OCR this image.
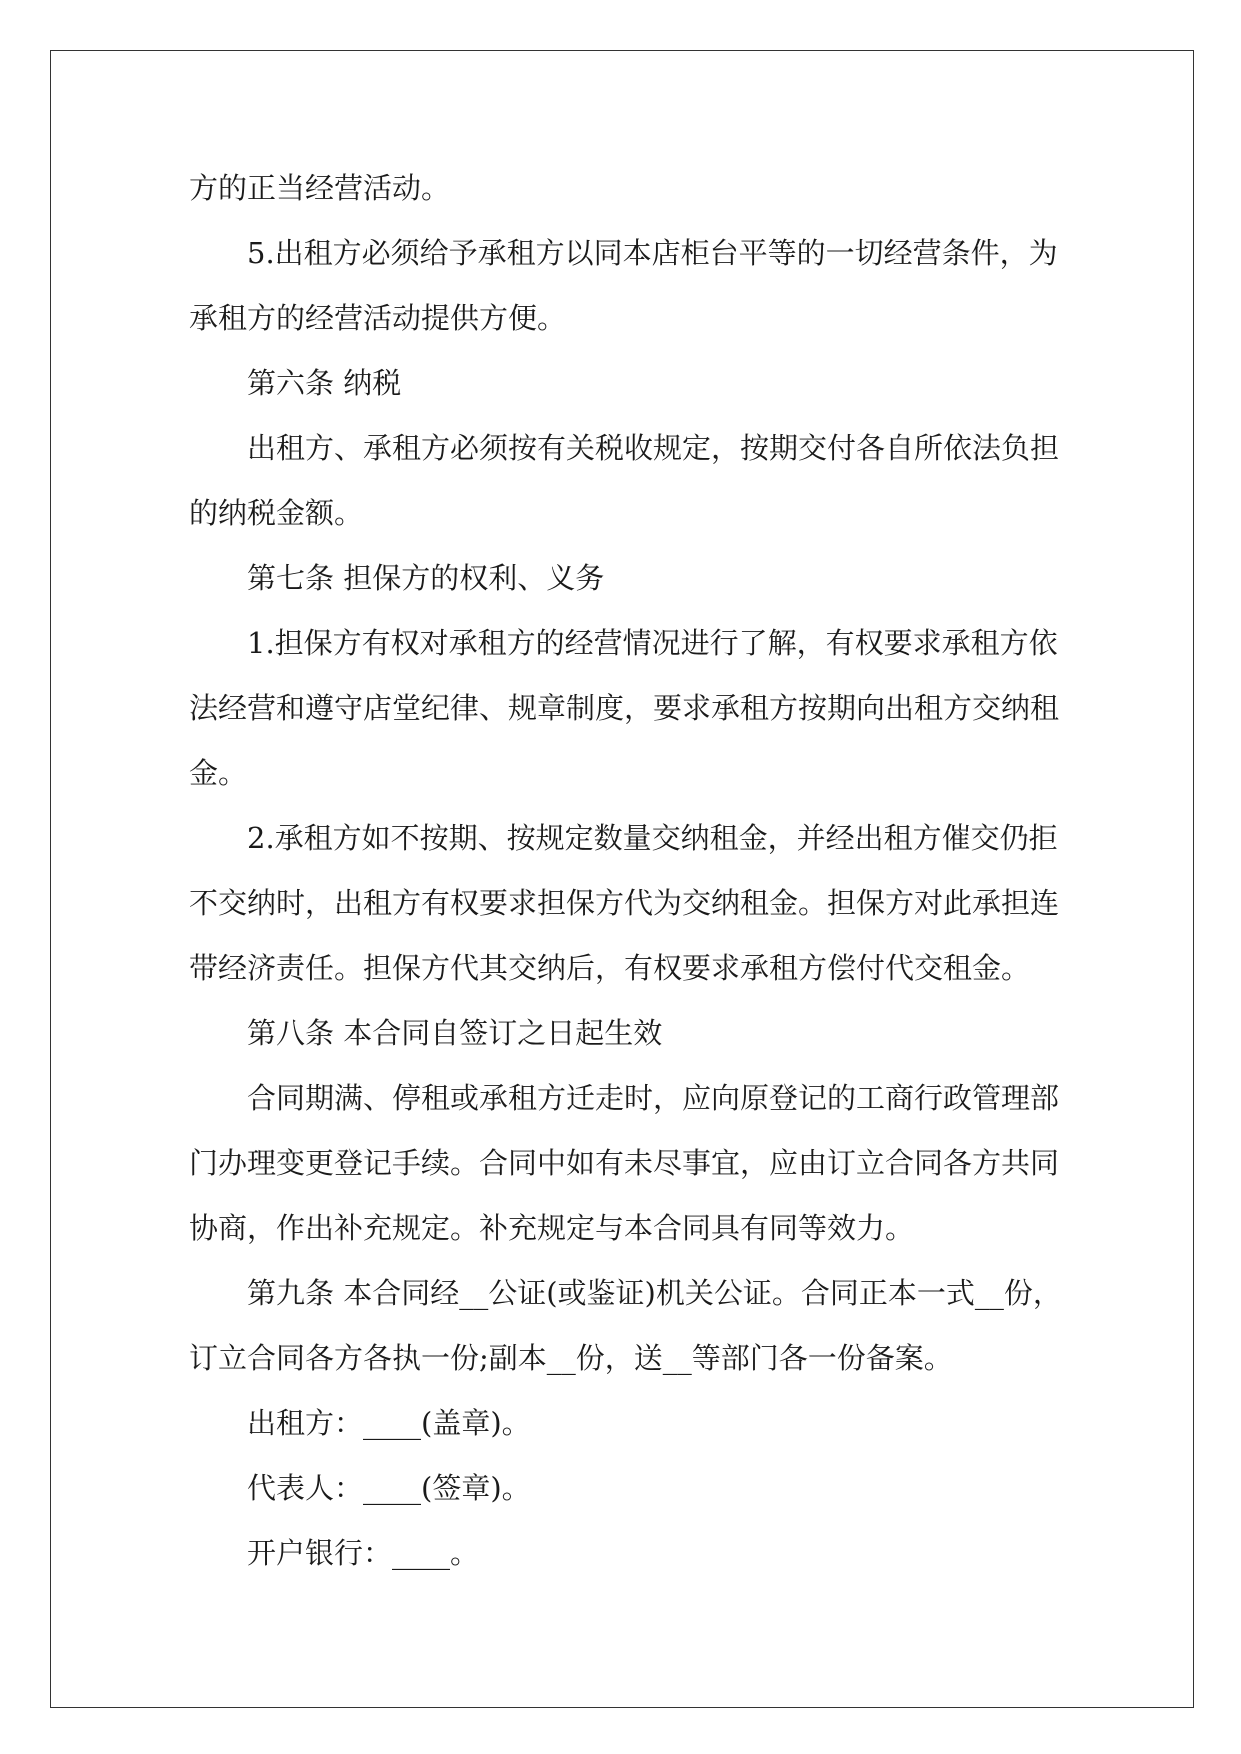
方的正当经营活动。

5.出租方必须给予承租方以同本店柜台平等的一切经营条件，为
承租方的经营活动提供方便。

第六条 纳税

出租方、承租方必须按有关税收规定，按期交付各自所依法负担
的纳税金额。

第七条 担保方的权利、义务

1.担保方有权对承租方的经营情况进行了解，有权要求承租方依
法经营和遵守店堂纪律、规章制度，要求承租方按期向出租方交纳租
金。

2.承租方如不按期、按规定数量交纳租金，并经出租方催交仍拒
不交纳时，出租方有权要求担保方代为交纳租金。担保方对此承担连
带经济责任。担保方代其交纳后，有权要求承租方偿付代交租金。

第八条 本合同自签订之日起生效

合同期满、停租或承租方迁走时，应向原登记的工商行政管理部
门办理变更登记手续。合同中如有未尽事宜，应由订立合同各方共同
协商，作出补充规定。补充规定与本合同具有同等效力。

第九条 本合同经__公证(或鉴证)机关公证。合同正本一式__份，
订立合同各方各执一份;副本__份，送__等部门各一份备案。

出租方：____(盖章)。

代表人：____(签章)。

开户银行：____。
